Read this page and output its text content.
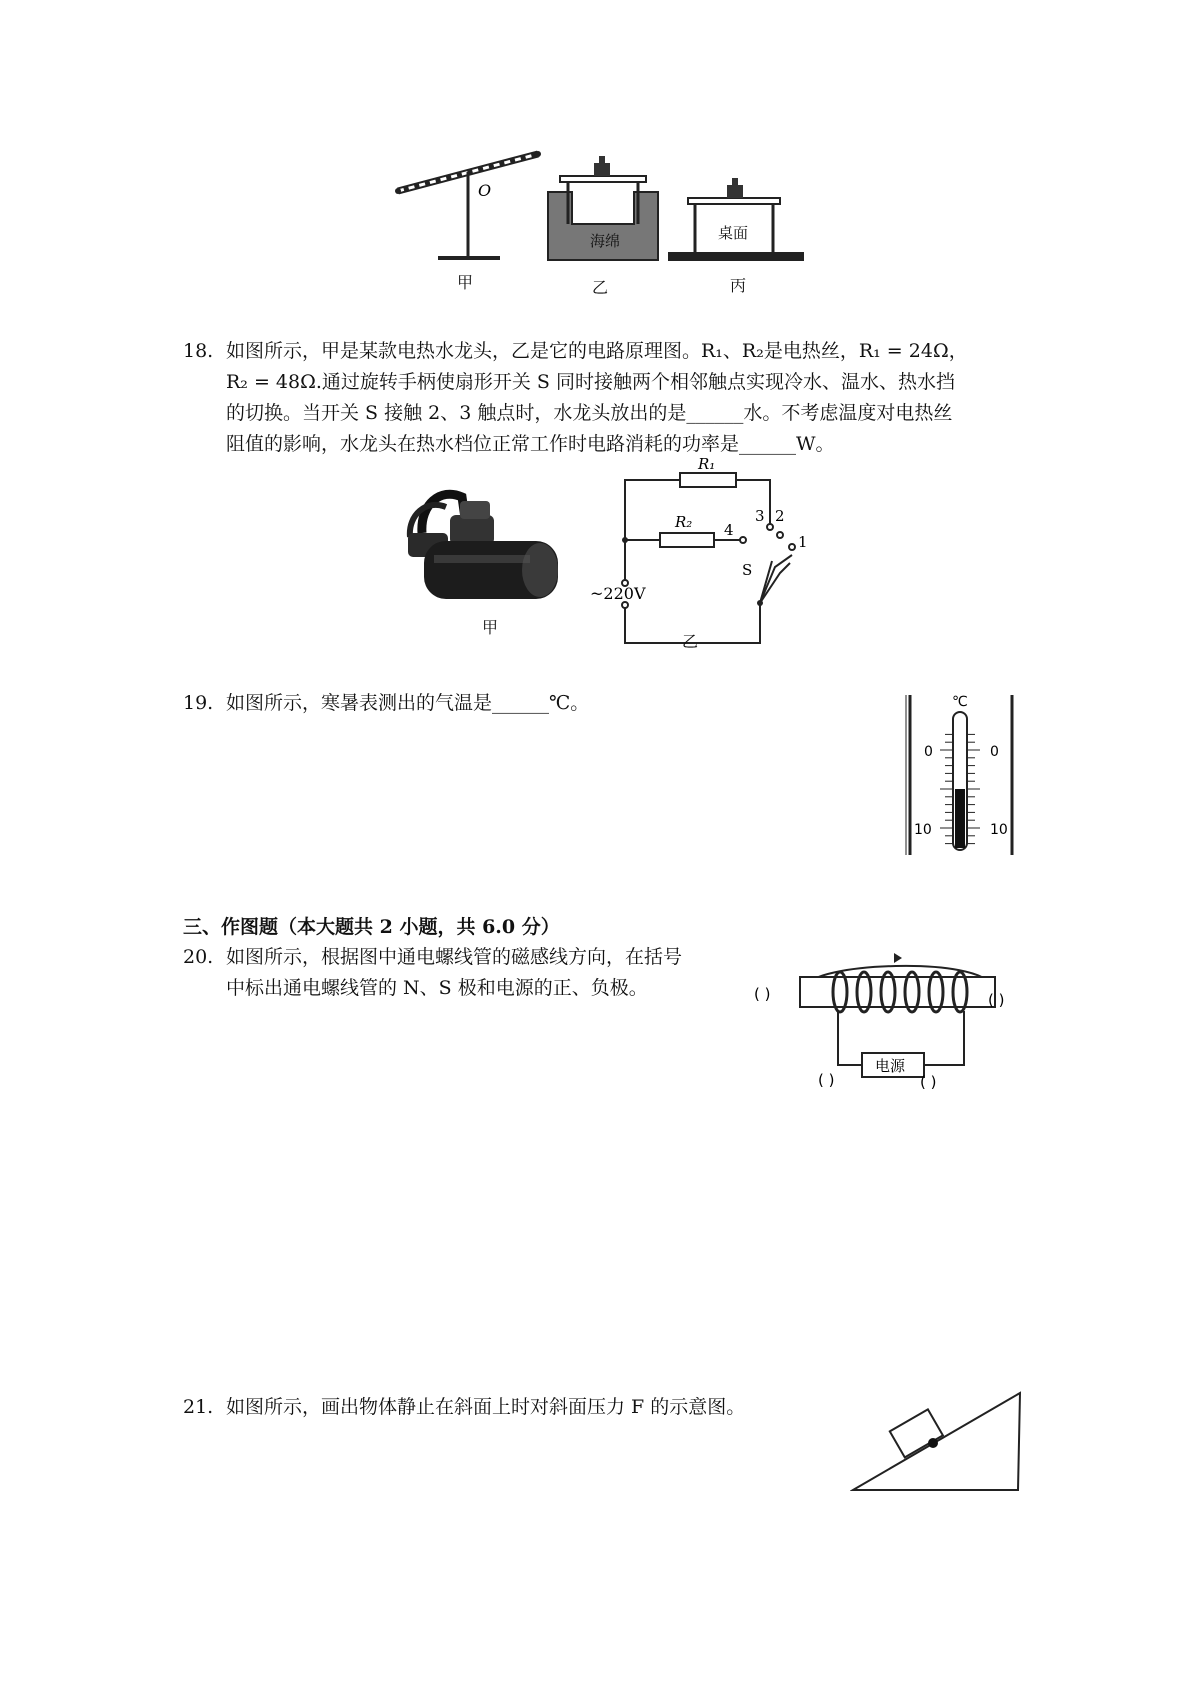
O
海绵	桌面
甲	乙	丙
18. 如图所示，甲是某款电热水龙头，乙是它的电路原理图。R₁、R₂是电热丝，R₁ = 24Ω，
R₂ = 48Ω.通过旋转手柄使扇形开关 S 同时接触两个相邻触点实现冷水、温水、热水挡
的切换。当开关 S 接触 2、3 触点时，水龙头放出的是______水。不考虑温度对电热丝
阻值的影响，水龙头在热水档位正常工作时电路消耗的功率是______W。
R₁
R₂	3
4
2
1
S
~220V
甲
乙
19. 如图所示，寒暑表测出的气温是______℃。	℃
0	0
10	10
三、作图题（本大题共 2 小题，共 6.0 分）
20. 如图所示，根据图中通电螺线管的磁感线方向，在括号
中标出通电螺线管的 N、S 极和电源的正、负极。
电源
( )	( )
( )	( )
21. 如图所示，画出物体静止在斜面上时对斜面压力 F 的示意图。
